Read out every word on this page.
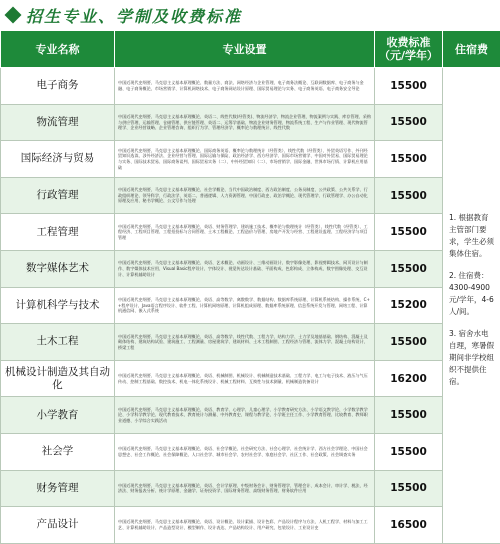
招生专业、学制及收费标准
专业名称	专业设置	收费标准（元/学年）	住宿费
电子商务	中国近现代史纲要、马克思主义基本原理概论、数量方法、商法、网络经济与企业管理、电子商务法概论、互联网数据库、电子商务与金融、电子商务概论、市场营销学、计算机网络技术、电子商务网站设计原理、国际贸易理论与实务、电子商务英语、电子商务安全导论	15500	1. 根据教育主管部门要求，学生必须集体住宿。

2. 住宿费：4300-4900元/学年，4-6人/间。

3. 宿舍水电自理，寒暑假期间非学校组织不提供住宿。

物流管理	中国近现代史纲要、马克思主义基本原理概论、英语二、线性代数(经管类)、物流经济学、物流企业管理、物流案例与实践、库存管理、采购与供应管理、运输管理、仓储管理、供应链管理、英语二、运筹学基础、物流企业财务管理、物流系统工程、生产与作业管理、现代物流管理学、企业经营战略、企业管理咨询、组织行为学、管理经济学、概率论与数理统计、线性代数	15500	
国际经济与贸易	中国近现代史纲要、马克思主义基本原理概论、国际商务英语、概率论与数理统计（经管类）、线性代数（经管类）、外贸英语写作、外刊经贸知识选读、涉外经济法、企业经营与管理、国际运输与保险、政治经济学、西方经济学、国际市场营销学、中国对外贸易、国际贸易理论与实务、国际技术贸易、国际商务谈判、国际贸易实务（二）、中外经贸知识（二）、市场营销学、国际金融、世界市场行情、计算机应用基础	15500	
行政管理	中国近现代史纲要、马克思主义基本原理概论、社会学概论、当代中国政治制度、西方政治制度、公务员制度、公共政策、公共关系学、行政组织理论、领导科学、行政法学、英语二、普通逻辑、人力资源管理、中国行政史、政治学概论、现代管理学、行政管理学、办公自动化原理及应用、秘书学概论、公文写作与处理	15500	
工程管理	中国近现代史纲要、马克思主义基本原理概论、英语、财务管理学、建筑施工技术、概率论与数理统计（经管类）、线性代数（经管类）、工程经济、工程项目管理、工程招投标与合同管理、土木工程概论、工程造价与管理、房地产开发与经营、工程建设监理、工程经济学与项目管理	15500	
数字媒体艺术	中国近现代史纲要、马克思主义基本原理概论、英语、艺术概论、动画设计、三维动画设计、数字影像处理、影视剪辑技术、网页设计与制作、数字媒体技术应用、Visual Basic程序设计、字体设计、视觉传达设计基础、平面构成、色彩构成、立体构成、数字图像处理、交互设计、计算机辅助设计	15500	
计算机科学与技术	中国近现代史纲要、马克思主义基本原理概论、英语、高等数学、离散数学、数据结构、数据库系统原理、计算机系统结构、操作系统、C++程序设计、Java语言程序设计、软件工程、计算机网络原理、计算机组成原理、数据库系统原理、信息系统开发与管理、网络工程、计算机通信网、嵌入式系统	15200	
土木工程	中国近现代史纲要、马克思主义基本原理概论、英语、高等数学、线性代数、工程力学、结构力学、土力学及地基基础、钢结构、混凝土及砌体结构、建筑结构试验、建筑施工、工程测量、房屋建筑学、建筑材料、土木工程制图、工程经济与管理、流体力学、混凝土结构设计、桥梁工程	15500	
机械设计制造及其自动化	中国近现代史纲要、马克思主义基本原理概论、英语、机械制图、机械设计、机械制造技术基础、工程力学、电工与电子技术、液压与气压传动、控制工程基础、数控技术、机电一体化系统设计、机械工程材料、互换性与技术测量、机械制造装备设计	16200	
小学教育	中国近现代史纲要、马克思主义基本原理概论、英语、教育学、心理学、儿童心理学、小学教育研究方法、小学语文教学论、小学数学教学论、小学科学教学论、现代教育技术、教育统计与测量、中外教育史、课程与教学论、小学班主任工作、小学教育管理、比较教育、教师职业道德、小学综合实践活动	15500	
社会学	中国近现代史纲要、马克思主义基本原理概论、英语、社会学概论、社会研究方法、社会心理学、社会统计学、西方社会学理论、中国社会思想史、社会工作概论、社会保障概论、人口社会学、城市社会学、农村社会学、家庭社会学、社区工作、社会政策、社会调查实务	15500	
财务管理	中国近现代史纲要、马克思主义基本原理概论、英语、会计学原理、中级财务会计、财务管理学、管理会计、成本会计、审计学、税法、经济法、财务报表分析、统计学原理、金融学、证券投资学、国际财务管理、高级财务管理、财务软件应用	15500	
产品设计	中国近现代史纲要、马克思主义基本原理概论、英语、设计概论、设计素描、设计色彩、产品设计程序与方法、人机工程学、材料与加工工艺、计算机辅助设计、产品造型设计、模型制作、设计表达、产品结构设计、用户研究、包装设计、工业设计史	16500	
